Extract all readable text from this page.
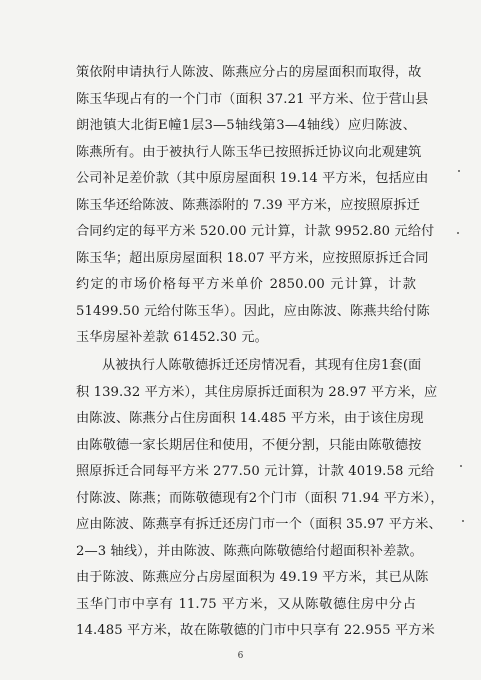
策依附申请执行人陈波、陈燕应分占的房屋面积而取得，故
陈玉华现占有的一个门市（面积 37.21 平方米、位于营山县
朗池镇大北街E幢1层3—5轴线第3—4轴线）应归陈波、
陈燕所有。由于被执行人陈玉华已按照拆迁协议向北观建筑
公司补足差价款（其中原房屋面积 19.14 平方米，包括应由
陈玉华还给陈波、陈燕添附的 7.39 平方米，应按照原拆迁
合同约定的每平方米 520.00 元计算，计款 9952.80 元给付
陈玉华；超出原房屋面积 18.07 平方米，应按照原拆迁合同
约定的市场价格每平方米单价 2850.00 元计算，计款
51499.50 元给付陈玉华）。因此，应由陈波、陈燕共给付陈
玉华房屋补差款 61452.30 元。
从被执行人陈敬德拆迁还房情况看，其现有住房1套(面
积 139.32 平方米），其住房原拆迁面积为 28.97 平方米，应
由陈波、陈燕分占住房面积 14.485 平方米，由于该住房现
由陈敬德一家长期居住和使用，不便分割，只能由陈敬德按
照原拆迁合同每平方米 277.50 元计算，计款 4019.58 元给
付陈波、陈燕；而陈敬德现有2个门市（面积 71.94 平方米），
应由陈波、陈燕享有拆迁还房门市一个（面积 35.97 平方米、
2—3 轴线），并由陈波、陈燕向陈敬德给付超面积补差款。
由于陈波、陈燕应分占房屋面积为 49.19 平方米，其已从陈
玉华门市中享有 11.75 平方米，又从陈敬德住房中分占
14.485 平方米，故在陈敬德的门市中只享有 22.955 平方米
6
